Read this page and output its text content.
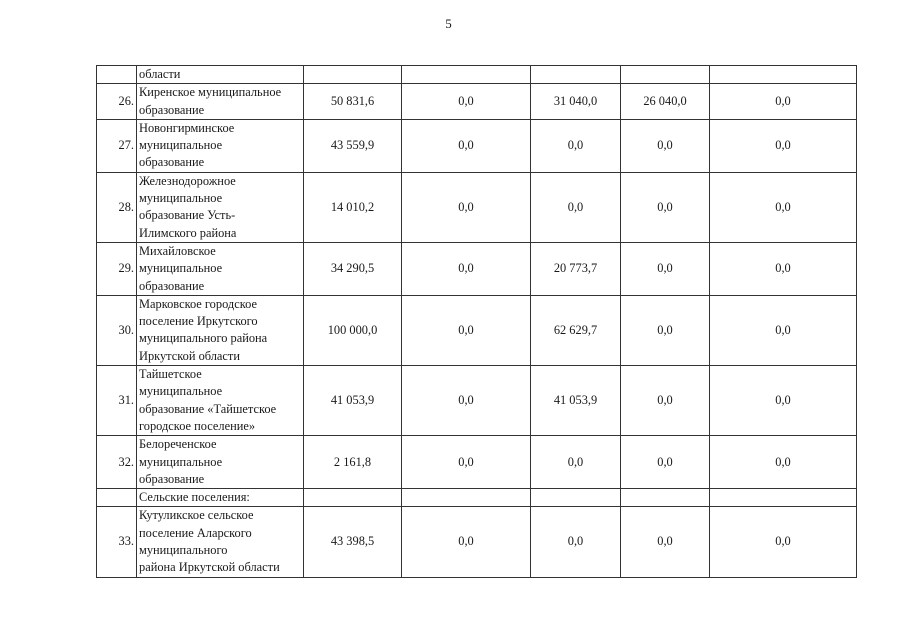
5

	области					

26.	Киренское муниципальное
образование	50 831,6	0,0	31 040,0	26 040,0	0,0
27.	Новонгирминское
муниципальное
образование	43 559,9	0,0	0,0	0,0	0,0
28.	Железнодорожное
муниципальное
образование Усть-
Илимского района	14 010,2	0,0	0,0	0,0	0,0
29.	Михайловское
муниципальное
образование	34 290,5	0,0	20 773,7	0,0	0,0
30.	Марковское городское
поселение Иркутского
муниципального района
Иркутской области	100 000,0	0,0	62 629,7	0,0	0,0
31.	Тайшетское
муниципальное
образование «Тайшетское
городское поселение»	41 053,9	0,0	41 053,9	0,0	0,0
32.	Белореченское
муниципальное
образование	2 161,8	0,0	0,0	0,0	0,0

	Сельские поселения:					

33.	Кутуликское сельское
поселение Аларского
муниципального
района Иркутской области	43 398,5	0,0	0,0	0,0	0,0
